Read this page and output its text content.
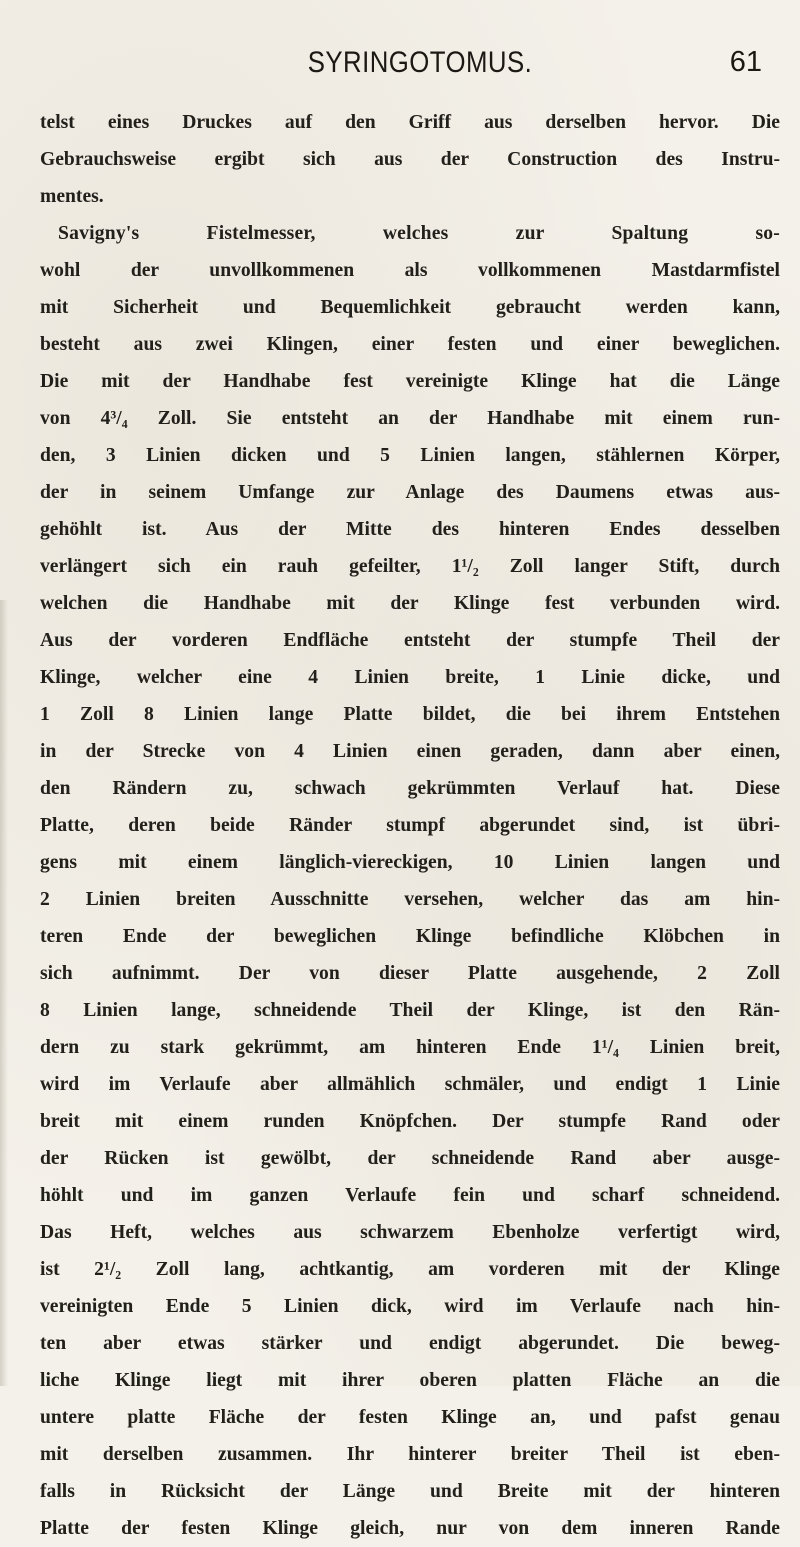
SYRINGOTOMUS.	61
telst eines Druckes auf den Griff aus derselben hervor. Die
Gebrauchsweise ergibt sich aus der Construction des Instru-
mentes.
Savigny's Fistelmesser, welches zur Spaltung so-
wohl der unvollkommenen als vollkommenen Mastdarmfistel
mit Sicherheit und Bequemlichkeit gebraucht werden kann,
besteht aus zwei Klingen, einer festen und einer beweglichen.
Die mit der Handhabe fest vereinigte Klinge hat die Länge
von 4³/₄ Zoll. Sie entsteht an der Handhabe mit einem run-
den, 3 Linien dicken und 5 Linien langen, stählernen Körper,
der in seinem Umfange zur Anlage des Daumens etwas aus-
gehöhlt ist. Aus der Mitte des hinteren Endes desselben
verlängert sich ein rauh gefeilter, 1¹/₂ Zoll langer Stift, durch
welchen die Handhabe mit der Klinge fest verbunden wird.
Aus der vorderen Endfläche entsteht der stumpfe Theil der
Klinge, welcher eine 4 Linien breite, 1 Linie dicke, und
1 Zoll 8 Linien lange Platte bildet, die bei ihrem Entstehen
in der Strecke von 4 Linien einen geraden, dann aber einen,
den Rändern zu, schwach gekrümmten Verlauf hat. Diese
Platte, deren beide Ränder stumpf abgerundet sind, ist übri-
gens mit einem länglich-viereckigen, 10 Linien langen und
2 Linien breiten Ausschnitte versehen, welcher das am hin-
teren Ende der beweglichen Klinge befindliche Klöbchen in
sich aufnimmt. Der von dieser Platte ausgehende, 2 Zoll
8 Linien lange, schneidende Theil der Klinge, ist den Rän-
dern zu stark gekrümmt, am hinteren Ende 1¹/₄ Linien breit,
wird im Verlaufe aber allmählich schmäler, und endigt 1 Linie
breit mit einem runden Knöpfchen. Der stumpfe Rand oder
der Rücken ist gewölbt, der schneidende Rand aber ausge-
höhlt und im ganzen Verlaufe fein und scharf schneidend.
Das Heft, welches aus schwarzem Ebenholze verfertigt wird,
ist 2¹/₂ Zoll lang, achtkantig, am vorderen mit der Klinge
vereinigten Ende 5 Linien dick, wird im Verlaufe nach hin-
ten aber etwas stärker und endigt abgerundet. Die beweg-
liche Klinge liegt mit ihrer oberen platten Fläche an die
untere platte Fläche der festen Klinge an, und pafst genau
mit derselben zusammen. Ihr hinterer breiter Theil ist eben-
falls in Rücksicht der Länge und Breite mit der hinteren
Platte der festen Klinge gleich, nur von dem inneren Rande
